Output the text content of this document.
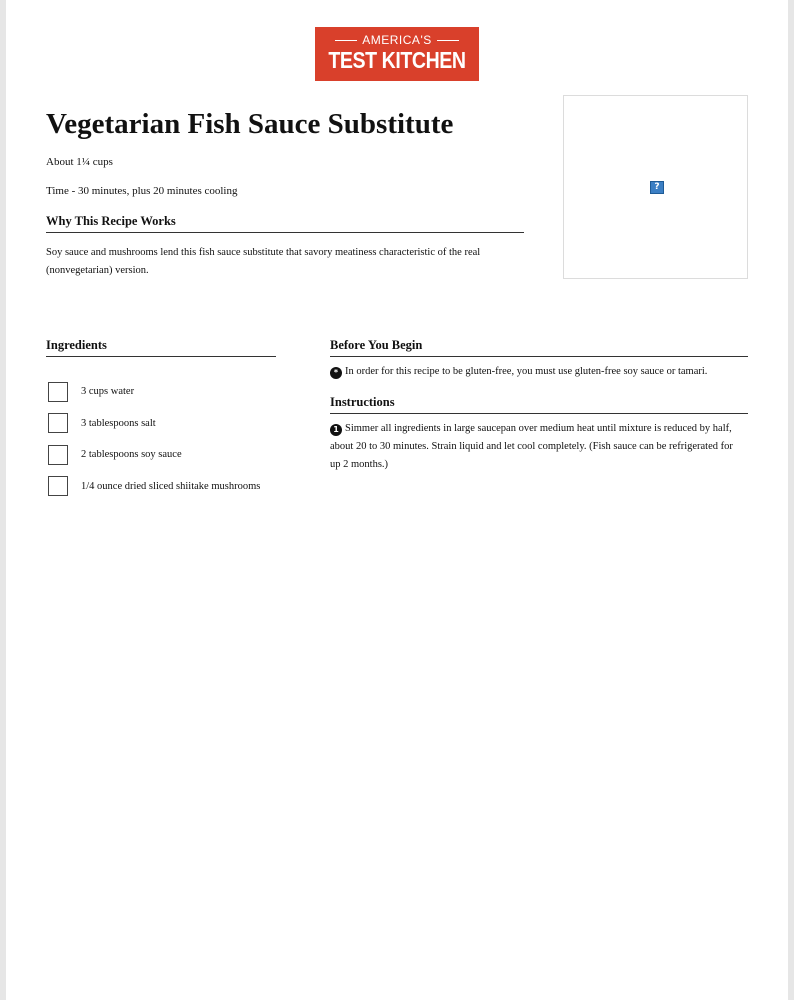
AMERICA'S
TEST KITCHEN
Vegetarian Fish Sauce Substitute
About 1¼ cups
Time - 30 minutes, plus 20 minutes cooling
Why This Recipe Works

Soy sauce and mushrooms lend this fish sauce substitute that savory meatiness characteristic of the real (nonvegetarian) version.

?
Ingredients
3 cups water
3 tablespoons salt
2 tablespoons soy sauce
1/4 ounce dried sliced shiitake mushrooms
Before You Begin

* In order for this recipe to be gluten-free, you must use gluten-free soy sauce or tamari.

Instructions

1 Simmer all ingredients in large saucepan over medium heat until mixture is reduced by half, about 20 to 30 minutes. Strain liquid and let cool completely. (Fish sauce can be refrigerated for up 2 months.)
